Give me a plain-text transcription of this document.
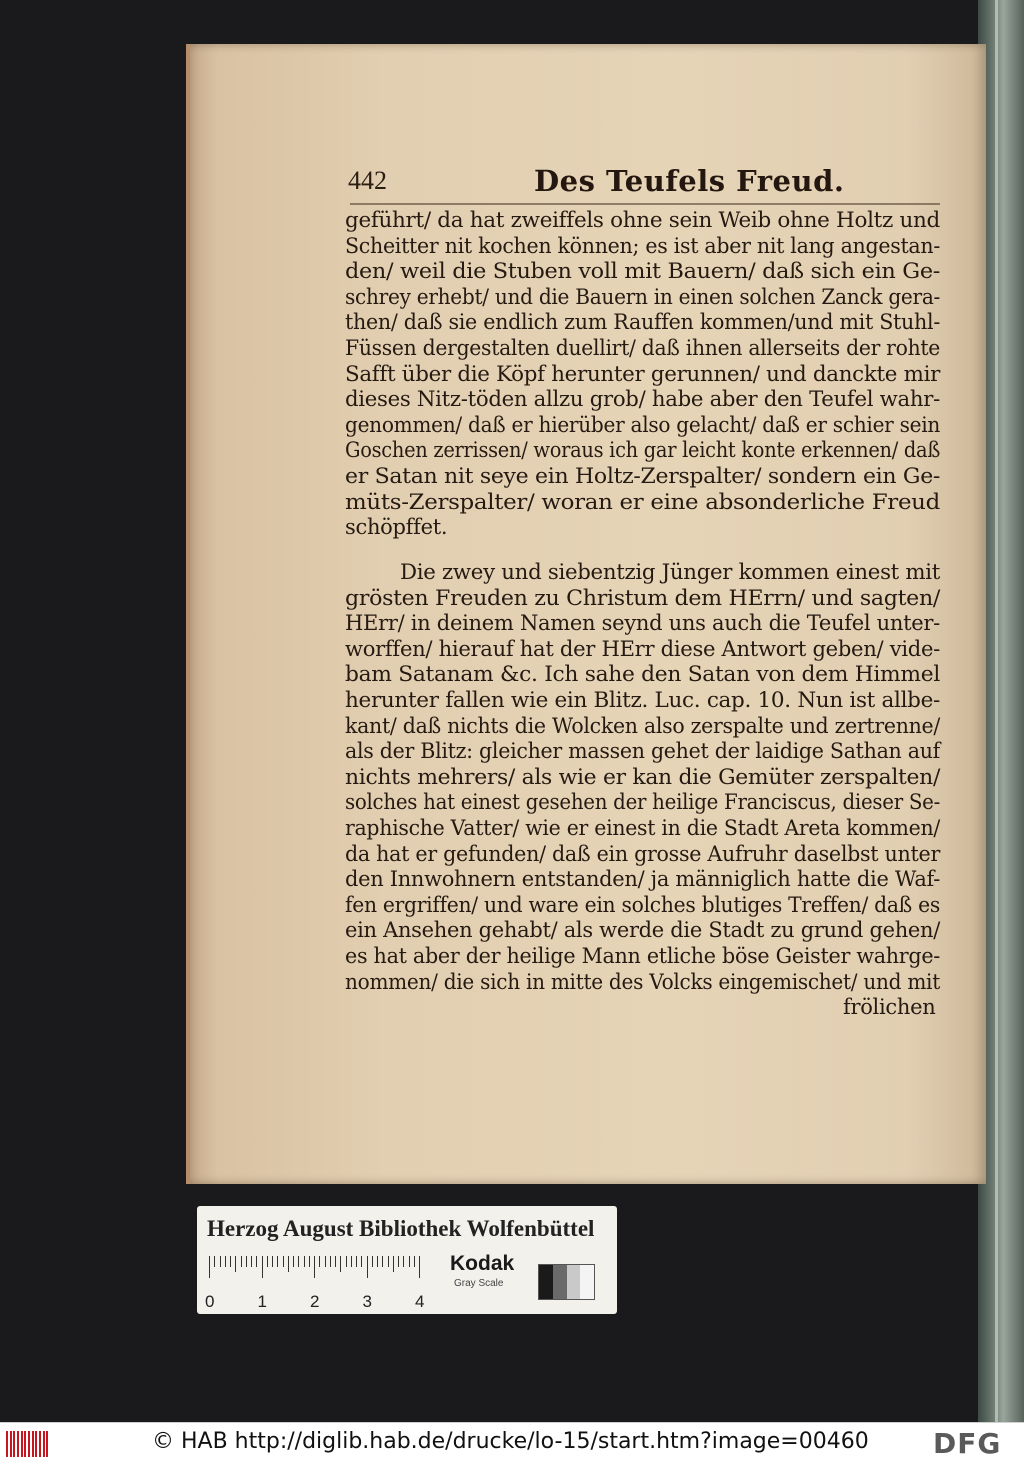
442	Des Teufels Freud.
geführt/ da hat zweiffels ohne sein Weib ohne Holtz und
Scheitter nit kochen können; es ist aber nit lang angestan-
den/ weil die Stuben voll mit Bauern/ daß sich ein Ge-
schrey erhebt/ und die Bauern in einen solchen Zanck gera-
then/ daß sie endlich zum Rauffen kommen/und mit Stuhl-
Füssen dergestalten duellirt/ daß ihnen allerseits der rohte
Safft über die Köpf herunter gerunnen/ und danckte mir
dieses Nitz-töden allzu grob/ habe aber den Teufel wahr-
genommen/ daß er hierüber also gelacht/ daß er schier sein
Goschen zerrissen/ woraus ich gar leicht konte erkennen/ daß
er Satan nit seye ein Holtz-Zerspalter/ sondern ein Ge-
müts-Zerspalter/ woran er eine absonderliche Freud
schöpffet.
Die zwey und siebentzig Jünger kommen einest mit
grösten Freuden zu Christum dem HErrn/ und sagten/
HErr/ in deinem Namen seynd uns auch die Teufel unter-
worffen/ hierauf hat der HErr diese Antwort geben/ vide-
bam Satanam &c. Ich sahe den Satan von dem Himmel
herunter fallen wie ein Blitz. Luc. cap. 10. Nun ist allbe-
kant/ daß nichts die Wolcken also zerspalte und zertrenne/
als der Blitz: gleicher massen gehet der laidige Sathan auf
nichts mehrers/ als wie er kan die Gemüter zerspalten/
solches hat einest gesehen der heilige Franciscus, dieser Se-
raphische Vatter/ wie er einest in die Stadt Areta kommen/
da hat er gefunden/ daß ein grosse Aufruhr daselbst unter
den Innwohnern entstanden/ ja männiglich hatte die Waf-
fen ergriffen/ und ware ein solches blutiges Treffen/ daß es
ein Ansehen gehabt/ als werde die Stadt zu grund gehen/
es hat aber der heilige Mann etliche böse Geister wahrge-
nommen/ die sich in mitte des Volcks eingemischet/ und mit
frölichen
Herzog August Bibliothek Wolfenbüttel
0	1	2	3	4
Kodak
Gray Scale
© HAB http://diglib.hab.de/drucke/lo-15/start.htm?image=00460 DFG
